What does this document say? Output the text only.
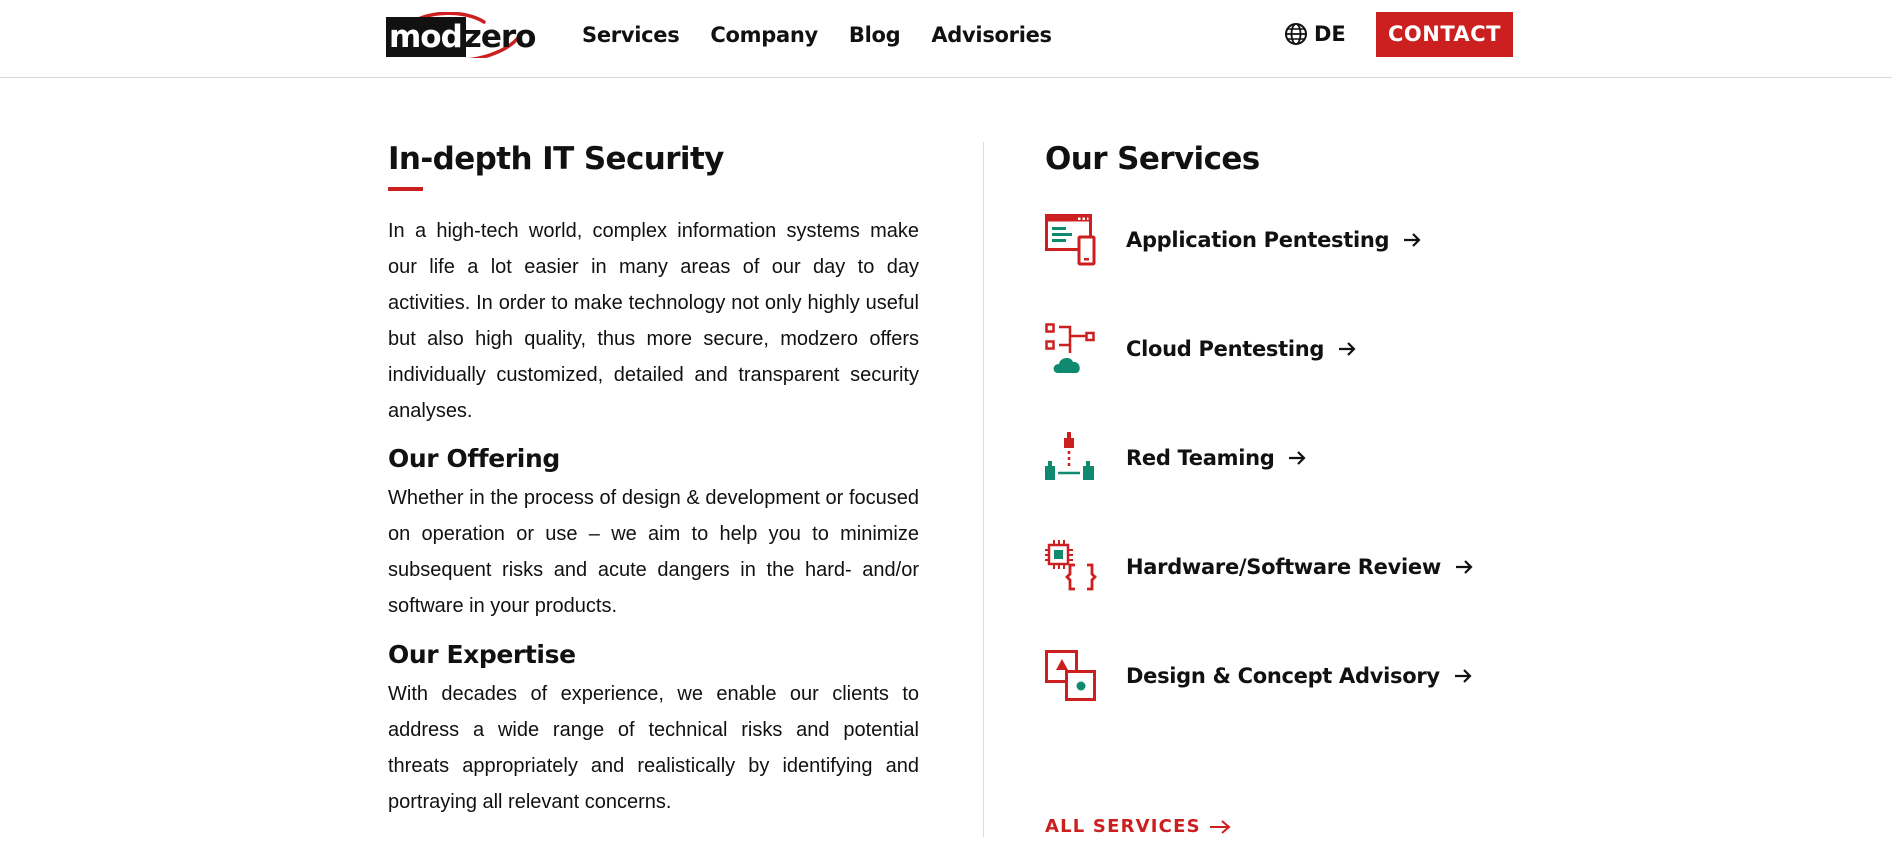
modzero Services Company Blog Advisories	DE	CONTACT
In-depth IT Security

In a high-tech world, complex information systems make our life a lot easier in many areas of our day to day activities. In order to make technology not only highly useful but also high quality, thus more secure, modzero offers individually customized, detailed and transparent security analyses.

Our Offering

Whether in the process of design & development or focused on operation or use – we aim to help you to minimize subsequent risks and acute dangers in the hard- and/or software in your products.

Our Expertise

With decades of experience, we enable our clients to address a wide range of technical risks and potential threats appropriately and realistically by identifying and portraying all relevant concerns.

Our Services
Application Pentesting
Cloud Pentesting
Red Teaming
Hardware/Software Review
Design & Concept Advisory
ALL SERVICES
